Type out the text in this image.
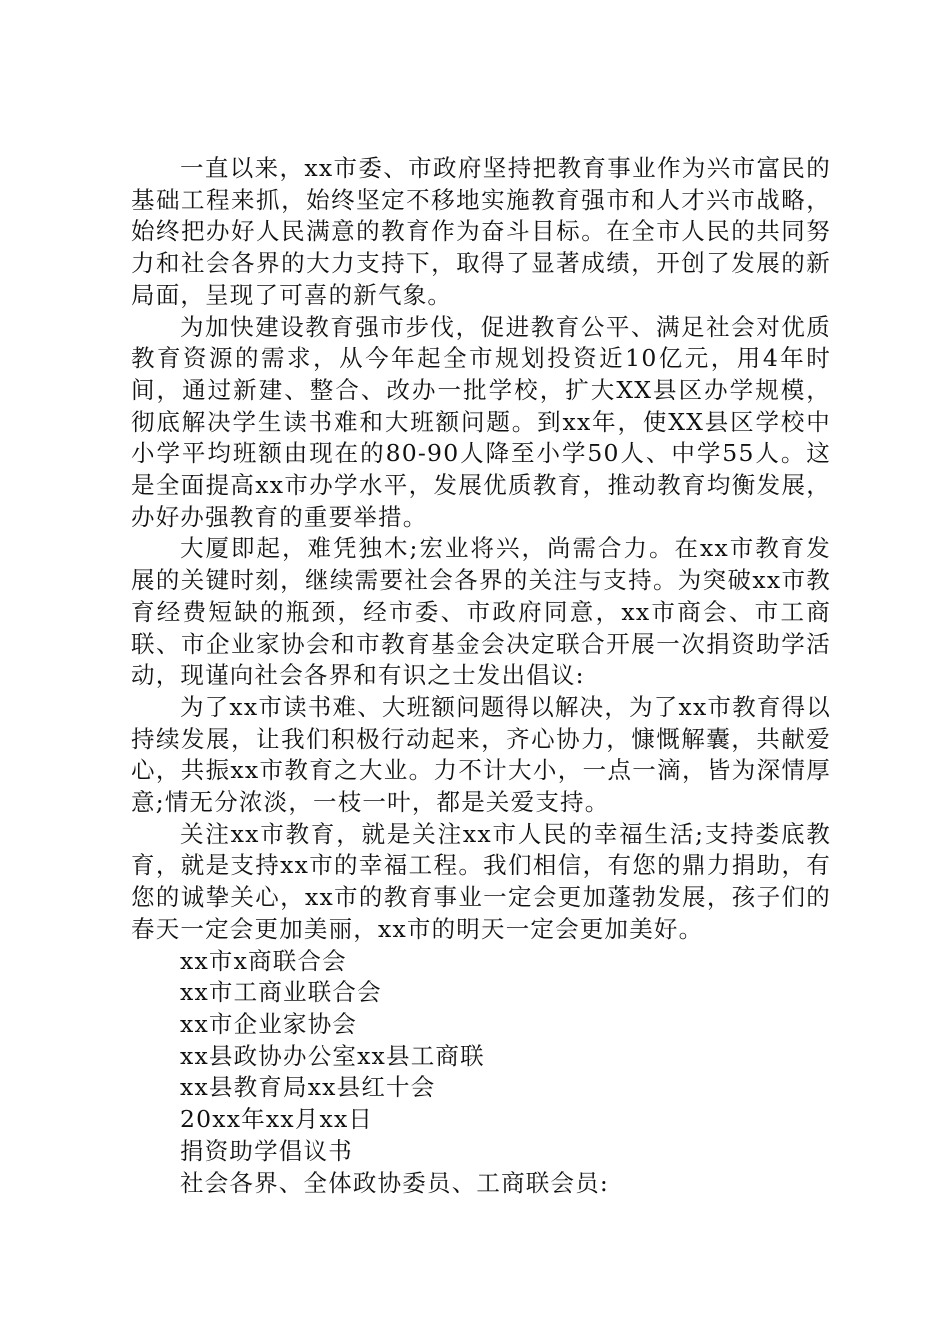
一直以来，xx市委、市政府坚持把教育事业作为兴市富民的基础工程来抓，始终坚定不移地实施教育强市和人才兴市战略，始终把办好人民满意的教育作为奋斗目标。在全市人民的共同努力和社会各界的大力支持下，取得了显著成绩，开创了发展的新局面，呈现了可喜的新气象。

为加快建设教育强市步伐，促进教育公平、满足社会对优质教育资源的需求，从今年起全市规划投资近10亿元，用4年时间，通过新建、整合、改办一批学校，扩大XX县区办学规模，彻底解决学生读书难和大班额问题。到xx年，使XX县区学校中小学平均班额由现在的80-90人降至小学50人、中学55人。这是全面提高xx市办学水平，发展优质教育，推动教育均衡发展，办好办强教育的重要举措。

大厦即起，难凭独木;宏业将兴，尚需合力。在xx市教育发展的关键时刻，继续需要社会各界的关注与支持。为突破xx市教育经费短缺的瓶颈，经市委、市政府同意，xx市商会、市工商联、市企业家协会和市教育基金会决定联合开展一次捐资助学活动，现谨向社会各界和有识之士发出倡议:

为了xx市读书难、大班额问题得以解决，为了xx市教育得以持续发展，让我们积极行动起来，齐心协力，慷慨解囊，共献爱心，共振xx市教育之大业。力不计大小，一点一滴，皆为深情厚意;情无分浓淡，一枝一叶，都是关爱支持。

关注xx市教育，就是关注xx市人民的幸福生活;支持娄底教育，就是支持xx市的幸福工程。我们相信，有您的鼎力捐助，有您的诚挚关心，xx市的教育事业一定会更加蓬勃发展，孩子们的春天一定会更加美丽，xx市的明天一定会更加美好。

xx市x商联合会

xx市工商业联合会

xx市企业家协会

xx县政协办公室xx县工商联

xx县教育局xx县红十会

20xx年xx月xx日

捐资助学倡议书

社会各界、全体政协委员、工商联会员:
